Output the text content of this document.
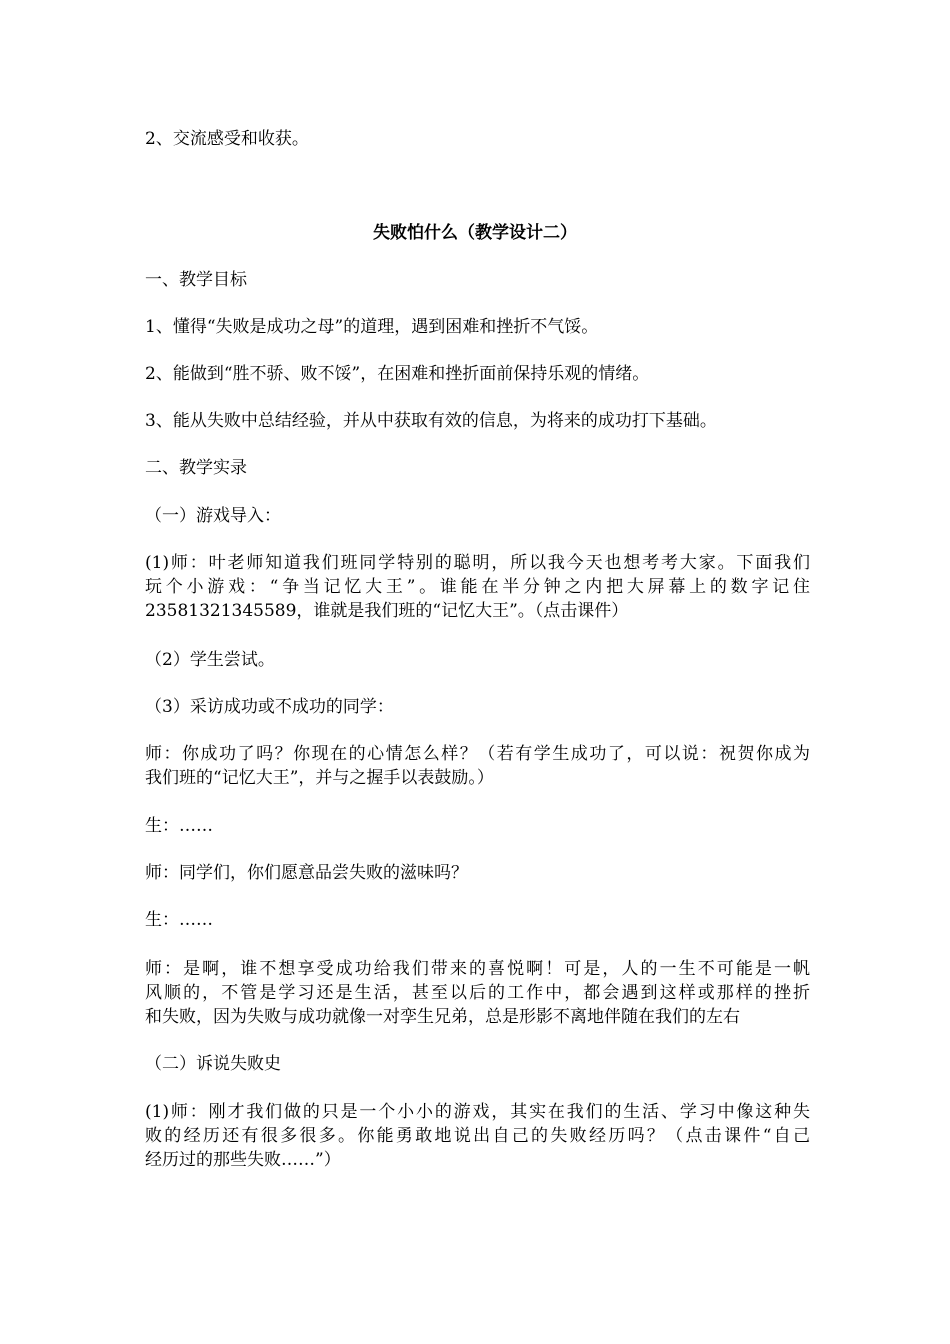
2、交流感受和收获。
失败怕什么（教学设计二）
一、教学目标
1、懂得“失败是成功之母”的道理，遇到困难和挫折不气馁。
2、能做到“胜不骄、败不馁”，在困难和挫折面前保持乐观的情绪。
3、能从失败中总结经验，并从中获取有效的信息，为将来的成功打下基础。
二、教学实录
（一）游戏导入：
(1)师：叶老师知道我们班同学特别的聪明，所以我今天也想考考大家。下面我们
玩个小游戏：“争当记忆大王”。谁能在半分钟之内把大屏幕上的数字记住
23581321345589，谁就是我们班的“记忆大王”。（点击课件）
（2）学生尝试。
（3）采访成功或不成功的同学：
师：你成功了吗？你现在的心情怎么样？（若有学生成功了，可以说：祝贺你成为
我们班的“记忆大王”，并与之握手以表鼓励。）
生：……
师：同学们，你们愿意品尝失败的滋味吗？
生：……
师：是啊，谁不想享受成功给我们带来的喜悦啊！可是，人的一生不可能是一帆
风顺的，不管是学习还是生活，甚至以后的工作中，都会遇到这样或那样的挫折
和失败，因为失败与成功就像一对孪生兄弟，总是形影不离地伴随在我们的左右
（二）诉说失败史
(1)师：刚才我们做的只是一个小小的游戏，其实在我们的生活、学习中像这种失
败的经历还有很多很多。你能勇敢地说出自己的失败经历吗？（点击课件“自己
经历过的那些失败……”）
